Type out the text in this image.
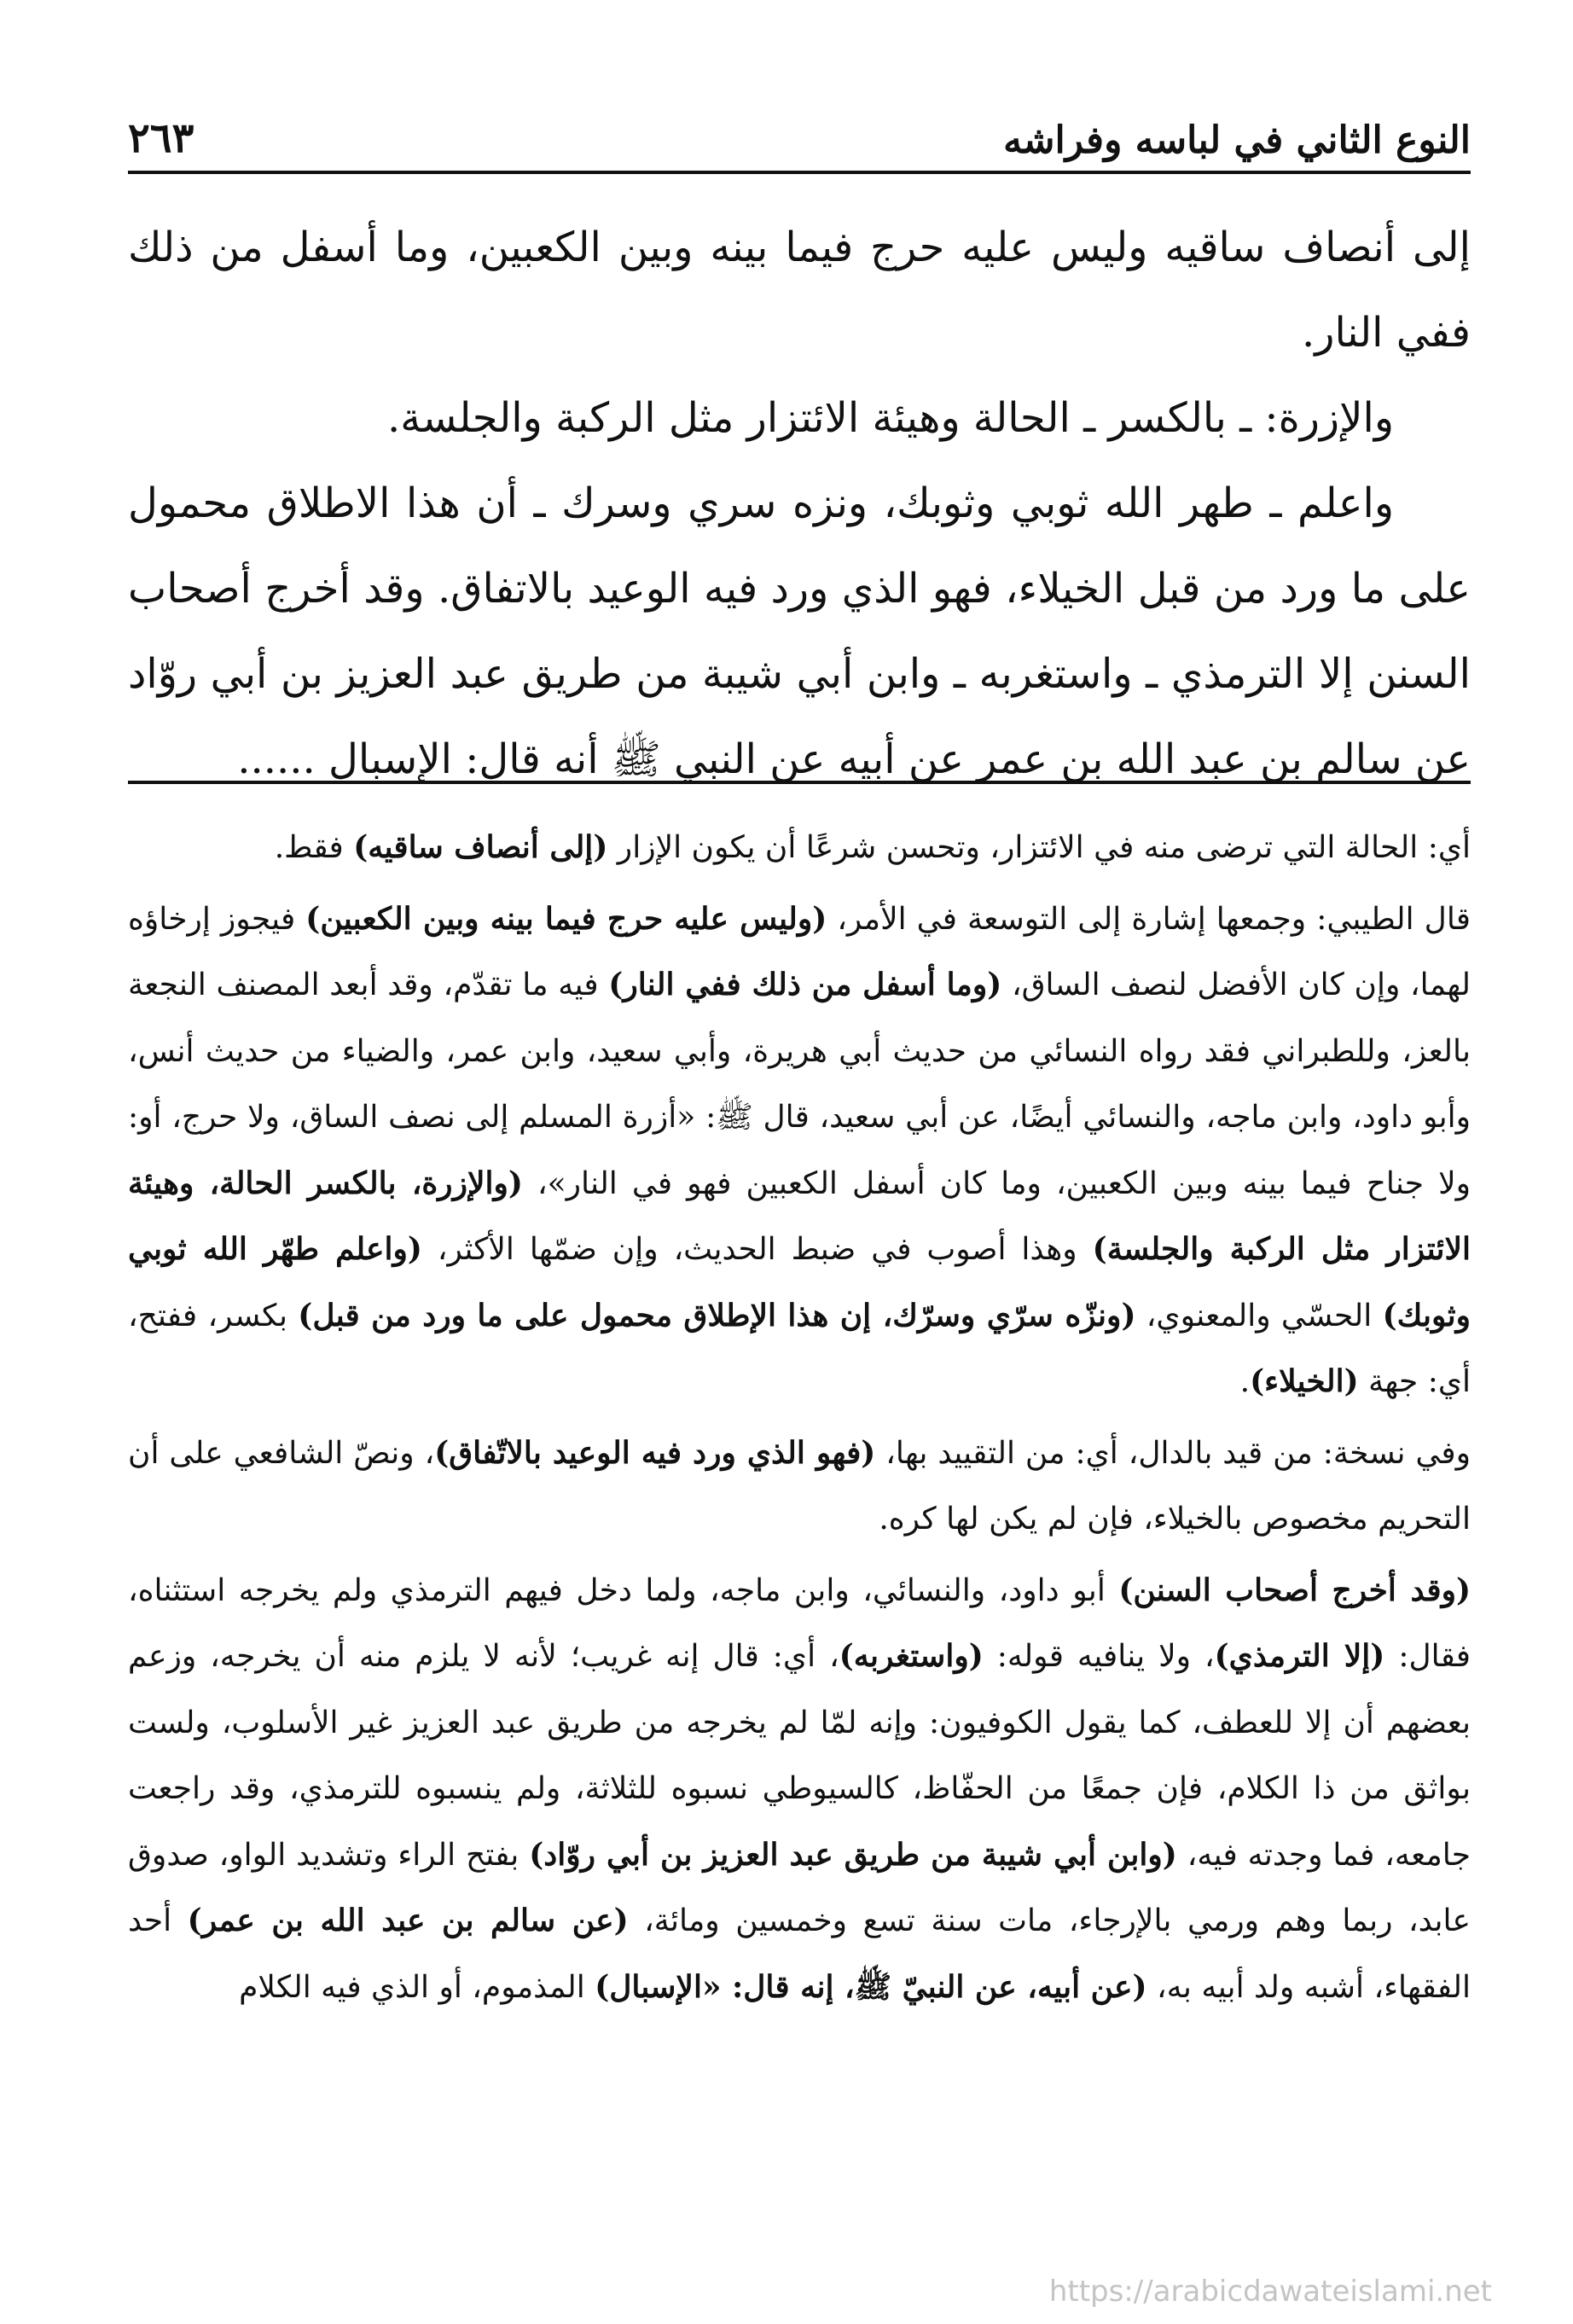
النوع الثاني في لباسه وفراشه
٢٦٣

إلى أنصاف ساقيه وليس عليه حرج فيما بينه وبين الكعبين، وما أسفل من ذلك ففي النار.

والإزرة: ـ بالكسر ـ الحالة وهيئة الائتزار مثل الركبة والجلسة.

واعلم ـ طهر الله ثوبي وثوبك، ونزه سري وسرك ـ أن هذا الاطلاق محمول على ما ورد من قبل الخيلاء، فهو الذي ورد فيه الوعيد بالاتفاق. وقد أخرج أصحاب السنن إلا الترمذي ـ واستغربه ـ وابن أبي شيبة من طريق عبد العزيز بن أبي روّاد عن سالم بن عبد الله بن عمر عن أبيه عن النبي ﷺ أنه قال: الإسبال ......

أي: الحالة التي ترضى منه في الائتزار، وتحسن شرعًا أن يكون الإزار (إلى أنصاف ساقيه) فقط.

قال الطيبي: وجمعها إشارة إلى التوسعة في الأمر، (وليس عليه حرج فيما بينه وبين الكعبين) فيجوز إرخاؤه لهما، وإن كان الأفضل لنصف الساق، (وما أسفل من ذلك ففي النار) فيه ما تقدّم، وقد أبعد المصنف النجعة بالعز، وللطبراني فقد رواه النسائي من حديث أبي هريرة، وأبي سعيد، وابن عمر، والضياء من حديث أنس، وأبو داود، وابن ماجه، والنسائي أيضًا، عن أبي سعيد، قال ﷺ: «أزرة المسلم إلى نصف الساق، ولا حرج، أو: ولا جناح فيما بينه وبين الكعبين، وما كان أسفل الكعبين فهو في النار»، (والإزرة، بالكسر الحالة، وهيئة الائتزار مثل الركبة والجلسة) وهذا أصوب في ضبط الحديث، وإن ضمّها الأكثر، (واعلم طهّر الله ثوبي وثوبك) الحسّي والمعنوي، (ونزّه سرّي وسرّك، إن هذا الإطلاق محمول على ما ورد من قبل) بكسر، ففتح، أي: جهة (الخيلاء).

وفي نسخة: من قيد بالدال، أي: من التقييد بها، (فهو الذي ورد فيه الوعيد بالاتّفاق)، ونصّ الشافعي على أن التحريم مخصوص بالخيلاء، فإن لم يكن لها كره.

(وقد أخرج أصحاب السنن) أبو داود، والنسائي، وابن ماجه، ولما دخل فيهم الترمذي ولم يخرجه استثناه، فقال: (إلا الترمذي)، ولا ينافيه قوله: (واستغربه)، أي: قال إنه غريب؛ لأنه لا يلزم منه أن يخرجه، وزعم بعضهم أن إلا للعطف، كما يقول الكوفيون: وإنه لمّا لم يخرجه من طريق عبد العزيز غير الأسلوب، ولست بواثق من ذا الكلام، فإن جمعًا من الحفّاظ، كالسيوطي نسبوه للثلاثة، ولم ينسبوه للترمذي، وقد راجعت جامعه، فما وجدته فيه، (وابن أبي شيبة من طريق عبد العزيز بن أبي روّاد) بفتح الراء وتشديد الواو، صدوق عابد، ربما وهم ورمي بالإرجاء، مات سنة تسع وخمسين ومائة، (عن سالم بن عبد الله بن عمر) أحد الفقهاء، أشبه ولد أبيه به، (عن أبيه، عن النبيّ ﷺ، إنه قال: «الإسبال) المذموم، أو الذي فيه الكلام

https://arabicdawateislami.net
